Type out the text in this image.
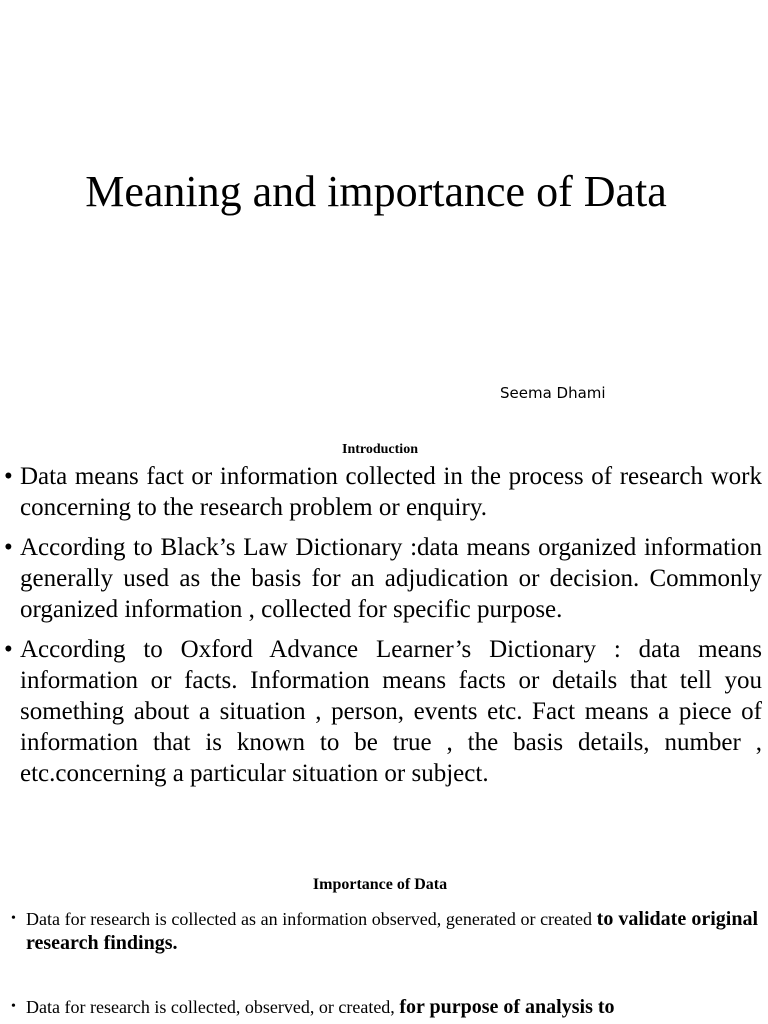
Meaning and importance of Data
Seema Dhami
Introduction
• Data means fact or information collected in the process of research work concerning to the research problem or enquiry.
• According to Black’s Law Dictionary :data means organized information generally used as the basis for an adjudication or decision. Commonly organized information , collected for specific purpose.
• According to Oxford Advance Learner’s Dictionary : data means information or facts. Information means facts or details that tell you something about a situation , person, events etc. Fact means a piece of information that is known to be true , the basis details, number , etc.concerning a particular situation or subject.
Importance of Data
• Data for research is collected as an information observed, generated or created to validate original research findings.
• Data for research is collected, observed, or created, for purpose of analysis to
